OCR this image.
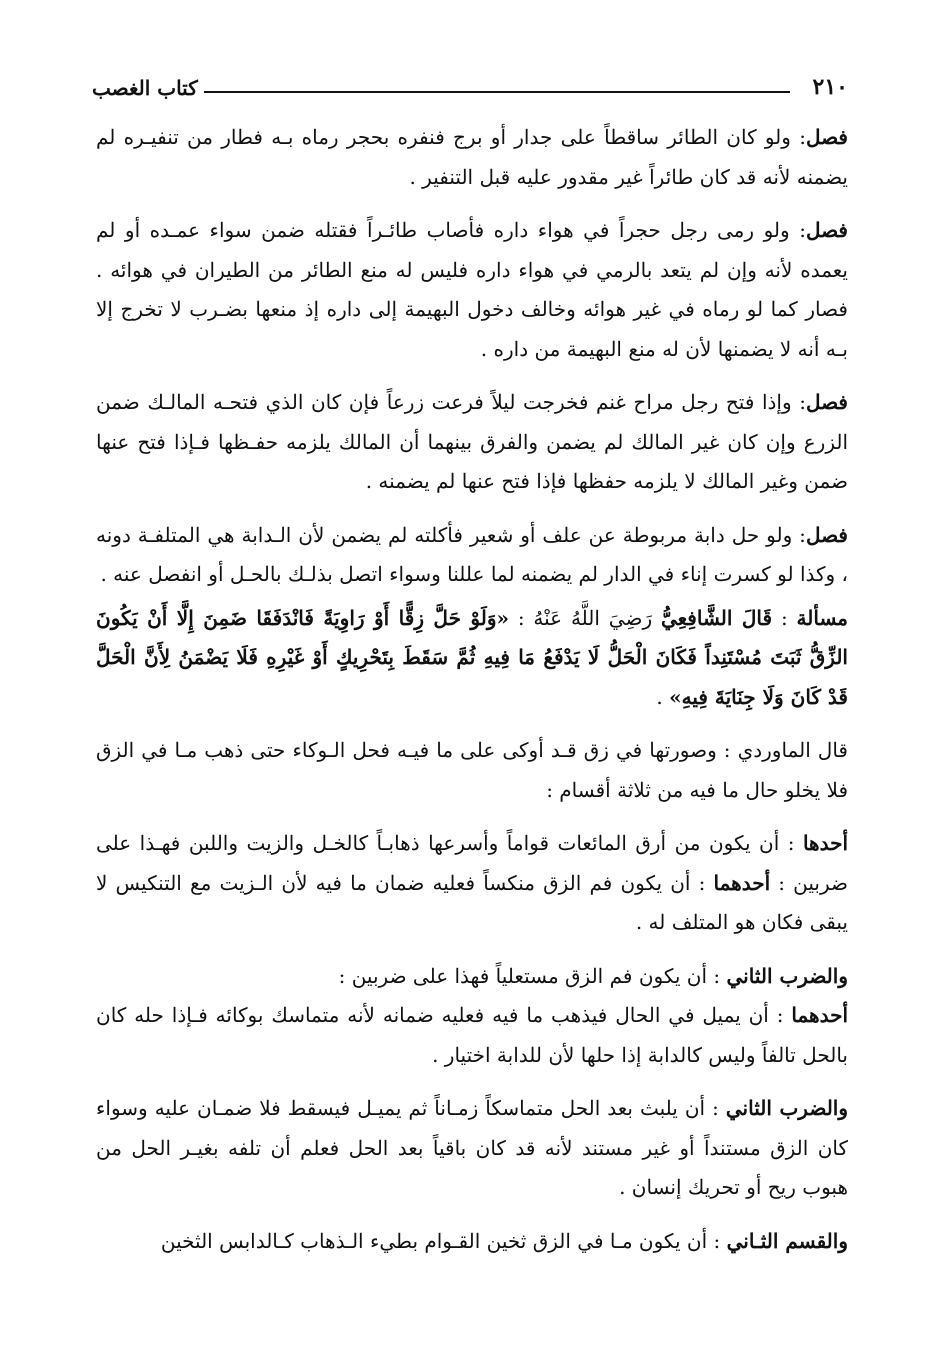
٢١٠
كتاب الغصب

فصل: ولو كان الطائر ساقطاً على جدار أو برج فنفره بحجر رماه بـه فطار من تنفيـره لم يضمنه لأنه قد كان طائراً غير مقدور عليه قبل التنفير .

فصل: ولو رمى رجل حجراً في هواء داره فأصاب طائـراً فقتله ضمن سواء عمـده أو لم يعمده لأنه وإن لم يتعد بالرمي في هواء داره فليس له منع الطائر من الطيران في هوائه . فصار كما لو رماه في غير هوائه وخالف دخول البهيمة إلى داره إذ منعها بضـرب لا تخرج إلا بـه أنه لا يضمنها لأن له منع البهيمة من داره .

فصل: وإذا فتح رجل مراح غنم فخرجت ليلاً فرعت زرعاً فإن كان الذي فتحـه المالـك ضمن الزرع وإن كان غير المالك لم يضمن والفرق بينهما أن المالك يلزمه حفـظها فـإذا فتح عنها ضمن وغير المالك لا يلزمه حفظها فإذا فتح عنها لم يضمنه .

فصل: ولو حل دابة مربوطة عن علف أو شعير فأكلته لم يضمن لأن الـدابة هي المتلفـة دونه ، وكذا لو كسرت إناء في الدار لم يضمنه لما عللنا وسواء اتصل بذلـك بالحـل أو انفصل عنه .

مسألة : قَالَ الشَّافِعِيُّ رَضِيَ اللَّهُ عَنْهُ : «وَلَوْ حَلَّ زِقًّا أَوْ رَاوِيَةً فَانْدَفَقَا ضَمِنَ إِلَّا أَنْ يَكُونَ الزِّقُّ ثَبَتَ مُسْتَنِداً فَكَانَ الْحَلُّ لَا يَدْفَعُ مَا فِيهِ ثُمَّ سَقَطَ بِتَحْرِيكٍ أَوْ غَيْرِهِ فَلَا يَضْمَنُ لِأَنَّ الْحَلَّ قَدْ كَانَ وَلَا جِنَايَةَ فِيهِ» .

قال الماوردي : وصورتها في زق قـد أوكى على ما فيـه فحل الـوكاء حتى ذهب مـا في الزق فلا يخلو حال ما فيه من ثلاثة أقسام :

أحدها : أن يكون من أرق المائعات قواماً وأسرعها ذهابـاً كالخـل والزيت واللبن فهـذا على ضربين : أحدهما : أن يكون فم الزق منكساً فعليه ضمان ما فيه لأن الـزيت مع التنكيس لا يبقى فكان هو المتلف له .

والضرب الثاني : أن يكون فم الزق مستعلياً فهذا على ضربين :

أحدهما : أن يميل في الحال فيذهب ما فيه فعليه ضمانه لأنه متماسك بوكائه فـإذا حله كان بالحل تالفاً وليس كالدابة إذا حلها لأن للدابة اختيار .

والضرب الثاني : أن يلبث بعد الحل متماسكاً زمـاناً ثم يميـل فيسقط فلا ضمـان عليه وسواء كان الزق مستنداً أو غير مستند لأنه قد كان باقياً بعد الحل فعلم أن تلفه بغيـر الحل من هبوب ريح أو تحريك إنسان .

والقسم الثـاني : أن يكون مـا في الزق ثخين القـوام بطيء الـذهاب كـالدابس الثخين
